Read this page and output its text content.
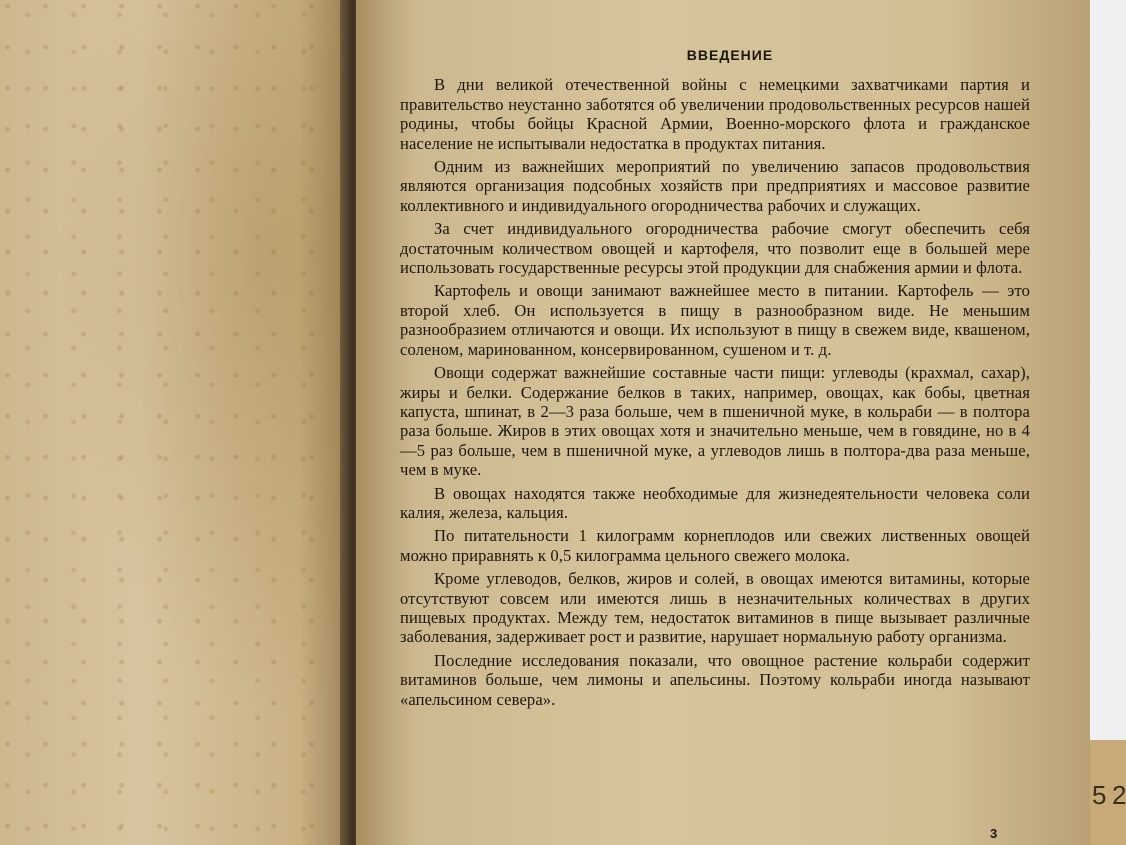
5 2
ВВЕДЕНИЕ

В дни великой отечественной войны с немецкими захватчиками партия и правительство неустанно заботятся об увеличении продовольственных ресурсов нашей родины, чтобы бойцы Красной Армии, Военно-морского флота и гражданское население не испытывали недостатка в продуктах питания.

Одним из важнейших мероприятий по увеличению запасов продовольствия являются организация подсобных хозяйств при предприятиях и массовое развитие коллективного и индивидуального огородничества рабочих и служащих.

За счет индивидуального огородничества рабочие смогут обеспечить себя достаточным количеством овощей и картофеля, что позволит еще в большей мере использовать государственные ресурсы этой продукции для снабжения армии и флота.

Картофель и овощи занимают важнейшее место в питании. Картофель — это второй хлеб. Он используется в пищу в разнообразном виде. Не меньшим разнообразием отличаются и овощи. Их используют в пищу в свежем виде, квашеном, соленом, маринованном, консервированном, сушеном и т. д.

Овощи содержат важнейшие составные части пищи: углеводы (крахмал, сахар), жиры и белки. Содержание белков в таких, например, овощах, как бобы, цветная капуста, шпинат, в 2—3 раза больше, чем в пшеничной муке, в кольраби — в полтора раза больше. Жиров в этих овощах хотя и значительно меньше, чем в говядине, но в 4—5 раз больше, чем в пшеничной муке, а углеводов лишь в полтора-два раза меньше, чем в муке.

В овощах находятся также необходимые для жизнедеятельности человека соли калия, железа, кальция.

По питательности 1 килограмм корнеплодов или свежих лиственных овощей можно приравнять к 0,5 килограмма цельного свежего молока.

Кроме углеводов, белков, жиров и солей, в овощах имеются витамины, которые отсутствуют совсем или имеются лишь в незначительных количествах в других пищевых продуктах. Между тем, недостаток витаминов в пище вызывает различные заболевания, задерживает рост и развитие, нарушает нормальную работу организма.

Последние исследования показали, что овощное растение кольраби содержит витаминов больше, чем лимоны и апельсины. Поэтому кольраби иногда называют «апельсином севера».

3
